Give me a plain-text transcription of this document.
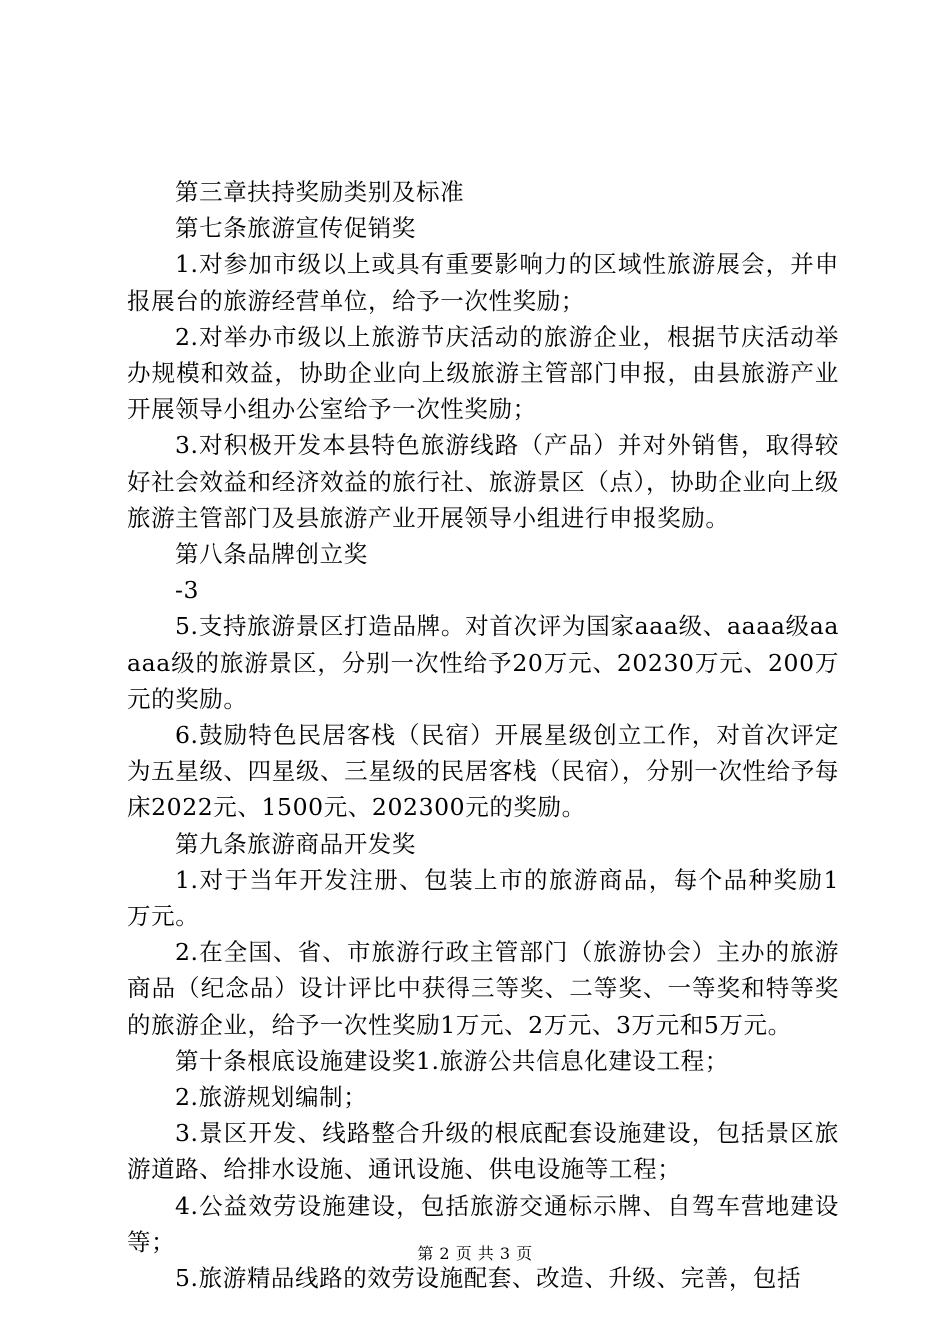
第三章扶持奖励类别及标准

第七条旅游宣传促销奖

1.对参加市级以上或具有重要影响力的区域性旅游展会，并申报展台的旅游经营单位，给予一次性奖励；

2.对举办市级以上旅游节庆活动的旅游企业，根据节庆活动举办规模和效益，协助企业向上级旅游主管部门申报，由县旅游产业开展领导小组办公室给予一次性奖励；

3.对积极开发本县特色旅游线路（产品）并对外销售，取得较好社会效益和经济效益的旅行社、旅游景区（点），协助企业向上级旅游主管部门及县旅游产业开展领导小组进行申报奖励。

第八条品牌创立奖

-3

5.支持旅游景区打造品牌。对首次评为国家aaa级、aaaa级aaaaa级的旅游景区，分别一次性给予20万元、20230万元、200万元的奖励。

6.鼓励特色民居客栈（民宿）开展星级创立工作，对首次评定为五星级、四星级、三星级的民居客栈（民宿），分别一次性给予每床2022元、1500元、202300元的奖励。

第九条旅游商品开发奖

1.对于当年开发注册、包装上市的旅游商品，每个品种奖励1万元。

2.在全国、省、市旅游行政主管部门（旅游协会）主办的旅游商品（纪念品）设计评比中获得三等奖、二等奖、一等奖和特等奖的旅游企业，给予一次性奖励1万元、2万元、3万元和5万元。

第十条根底设施建设奖1.旅游公共信息化建设工程；

2.旅游规划编制；

3.景区开发、线路整合升级的根底配套设施建设，包括景区旅游道路、给排水设施、通讯设施、供电设施等工程；

4.公益效劳设施建设，包括旅游交通标示牌、自驾车营地建设等；

5.旅游精品线路的效劳设施配套、改造、升级、完善，包括

第 2 页 共 3 页
